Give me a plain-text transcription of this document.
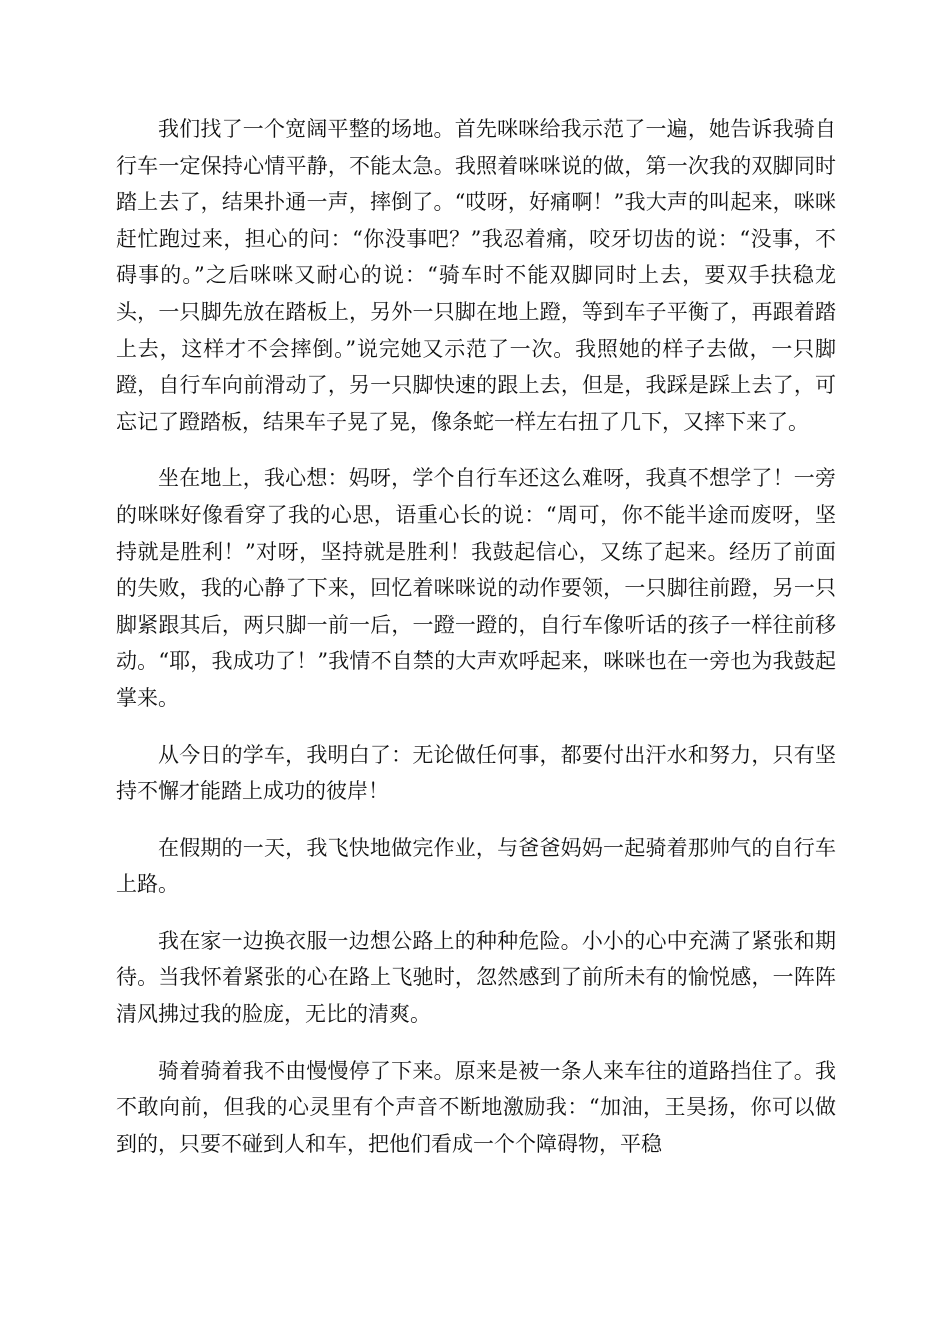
我们找了一个宽阔平整的场地。首先咪咪给我示范了一遍，她告诉我骑自行车一定保持心情平静，不能太急。我照着咪咪说的做，第一次我的双脚同时踏上去了，结果扑通一声，摔倒了。“哎呀，好痛啊！”我大声的叫起来，咪咪赶忙跑过来，担心的问：“你没事吧？”我忍着痛，咬牙切齿的说：“没事，不碍事的。”之后咪咪又耐心的说：“骑车时不能双脚同时上去，要双手扶稳龙头，一只脚先放在踏板上，另外一只脚在地上蹬，等到车子平衡了，再跟着踏上去，这样才不会摔倒。”说完她又示范了一次。我照她的样子去做，一只脚蹬，自行车向前滑动了，另一只脚快速的跟上去，但是，我踩是踩上去了，可忘记了蹬踏板，结果车子晃了晃，像条蛇一样左右扭了几下，又摔下来了。

坐在地上，我心想：妈呀，学个自行车还这么难呀，我真不想学了！一旁的咪咪好像看穿了我的心思，语重心长的说：“周可，你不能半途而废呀，坚持就是胜利！”对呀，坚持就是胜利！我鼓起信心，又练了起来。经历了前面的失败，我的心静了下来，回忆着咪咪说的动作要领，一只脚往前蹬，另一只脚紧跟其后，两只脚一前一后，一蹬一蹬的，自行车像听话的孩子一样往前移动。“耶，我成功了！”我情不自禁的大声欢呼起来，咪咪也在一旁也为我鼓起掌来。

从今日的学车，我明白了：无论做任何事，都要付出汗水和努力，只有坚持不懈才能踏上成功的彼岸！

在假期的一天，我飞快地做完作业，与爸爸妈妈一起骑着那帅气的自行车上路。

我在家一边换衣服一边想公路上的种种危险。小小的心中充满了紧张和期待。当我怀着紧张的心在路上飞驰时，忽然感到了前所未有的愉悦感，一阵阵清风拂过我的脸庞，无比的清爽。

骑着骑着我不由慢慢停了下来。原来是被一条人来车往的道路挡住了。我不敢向前，但我的心灵里有个声音不断地激励我：“加油，王昊扬，你可以做到的，只要不碰到人和车，把他们看成一个个障碍物，平稳
